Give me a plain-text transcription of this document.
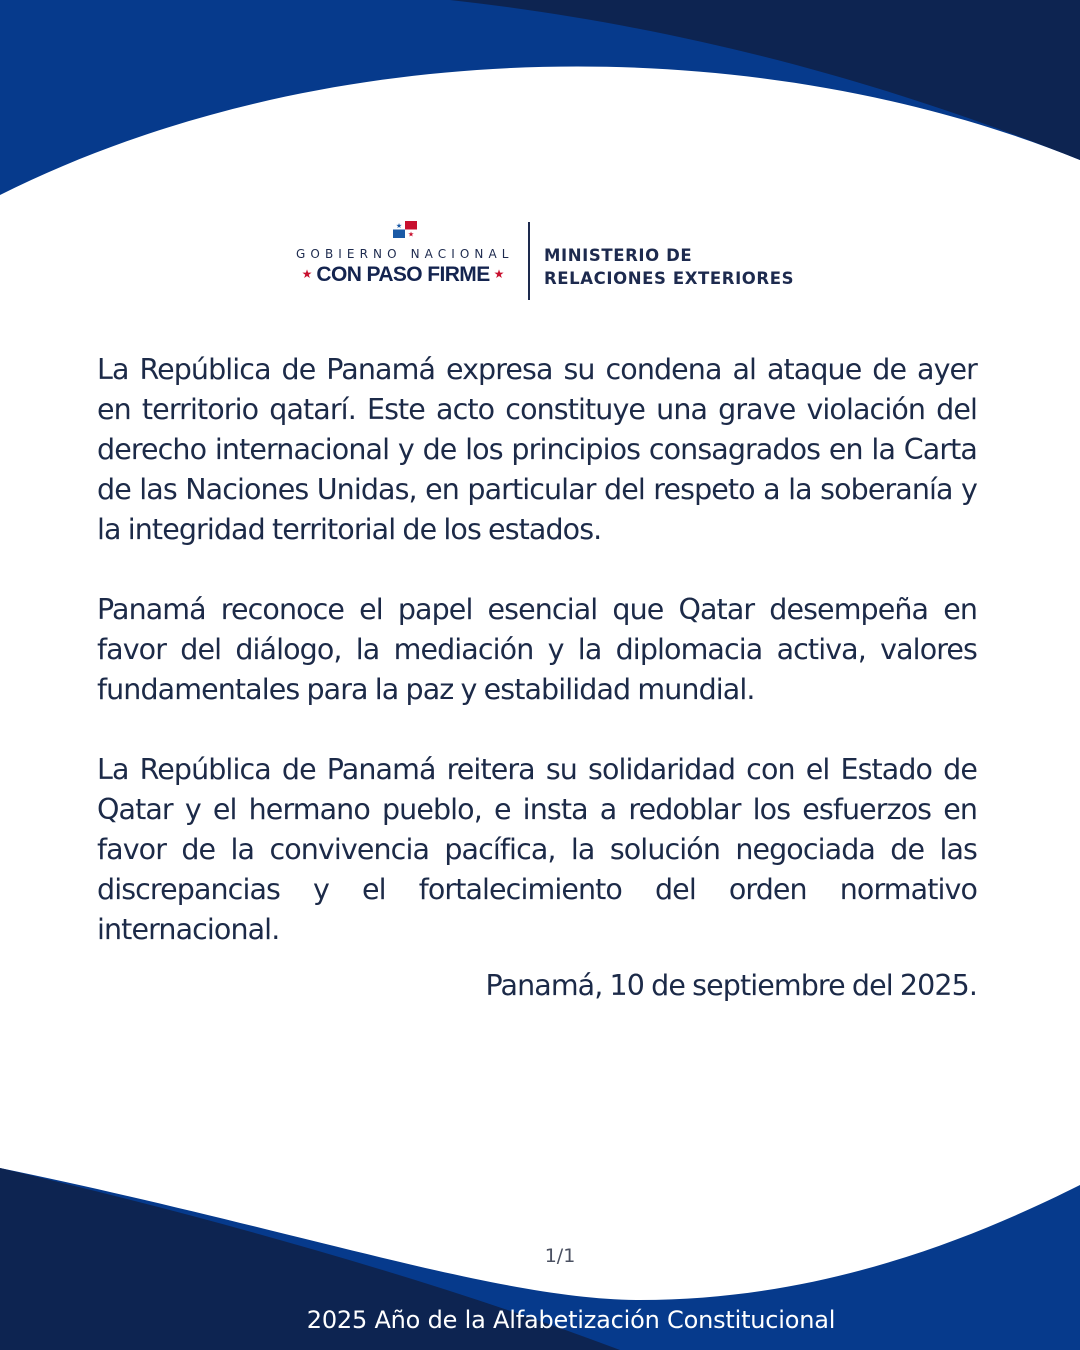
★
★
GOBIERNO NACIONAL
★ CON PASO FIRME ★
MINISTERIO DE
RELACIONES EXTERIORES

La República de Panamá expresa su condena al ataque de ayer en territorio qatarí. Este acto constituye una grave violación del derecho internacional y de los principios consagrados en la Carta de las Naciones Unidas, en particular del respeto a la soberanía y la integridad territorial de los estados.

Panamá reconoce el papel esencial que Qatar desempeña en favor del diálogo, la mediación y la diplomacia activa, valores fundamentales para la paz y estabilidad mundial.

La República de Panamá reitera su solidaridad con el Estado de Qatar y el hermano pueblo, e insta a redoblar los esfuerzos en favor de la convivencia pacífica, la solución negociada de las discrepancias y el fortalecimiento del orden normativo internacional.

Panamá, 10 de septiembre del 2025.
1/1
2025 Año de la Alfabetización Constitucional
